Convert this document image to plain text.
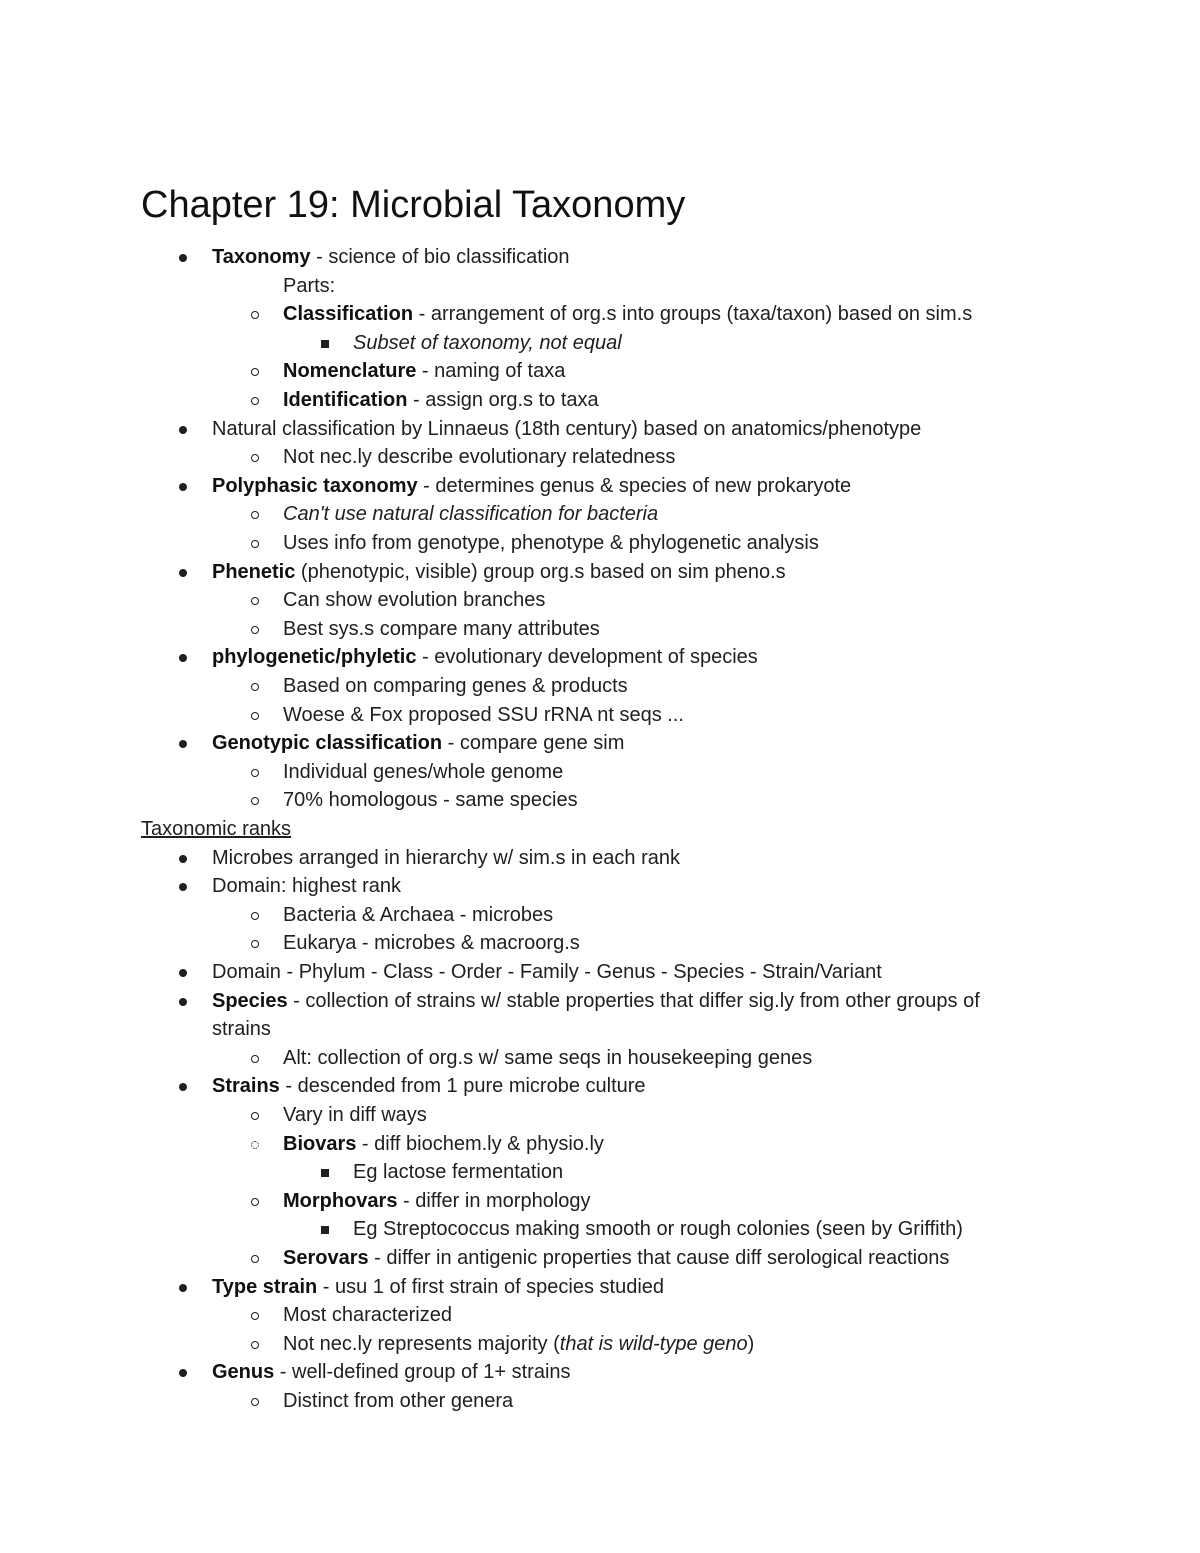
Chapter 19: Microbial Taxonomy
Taxonomy - science of bio classification
Parts:
Classification - arrangement of org.s into groups (taxa/taxon) based on sim.s
Subset of taxonomy, not equal
Nomenclature - naming of taxa
Identification - assign org.s to taxa
Natural classification by Linnaeus (18th century) based on anatomics/phenotype
Not nec.ly describe evolutionary relatedness
Polyphasic taxonomy - determines genus & species of new prokaryote
Can't use natural classification for bacteria
Uses info from genotype, phenotype & phylogenetic analysis
Phenetic (phenotypic, visible) group org.s based on sim pheno.s
Can show evolution branches
Best sys.s compare many attributes
phylogenetic/phyletic - evolutionary development of species
Based on comparing genes & products
Woese & Fox proposed SSU rRNA nt seqs ...
Genotypic classification - compare gene sim
Individual genes/whole genome
70% homologous - same species
Taxonomic ranks
Microbes arranged in hierarchy w/ sim.s in each rank
Domain: highest rank
Bacteria & Archaea - microbes
Eukarya - microbes & macroorg.s
Domain - Phylum - Class - Order - Family - Genus - Species - Strain/Variant
Species - collection of strains w/ stable properties that differ sig.ly from other groups of
strains
Alt: collection of org.s w/ same seqs in housekeeping genes
Strains - descended from 1 pure microbe culture
Vary in diff ways
Biovars - diff biochem.ly & physio.ly
Eg lactose fermentation
Morphovars - differ in morphology
Eg Streptococcus making smooth or rough colonies (seen by Griffith)
Serovars - differ in antigenic properties that cause diff serological reactions
Type strain - usu 1 of first strain of species studied
Most characterized
Not nec.ly represents majority (that is wild-type geno)
Genus - well-defined group of 1+ strains
Distinct from other genera
